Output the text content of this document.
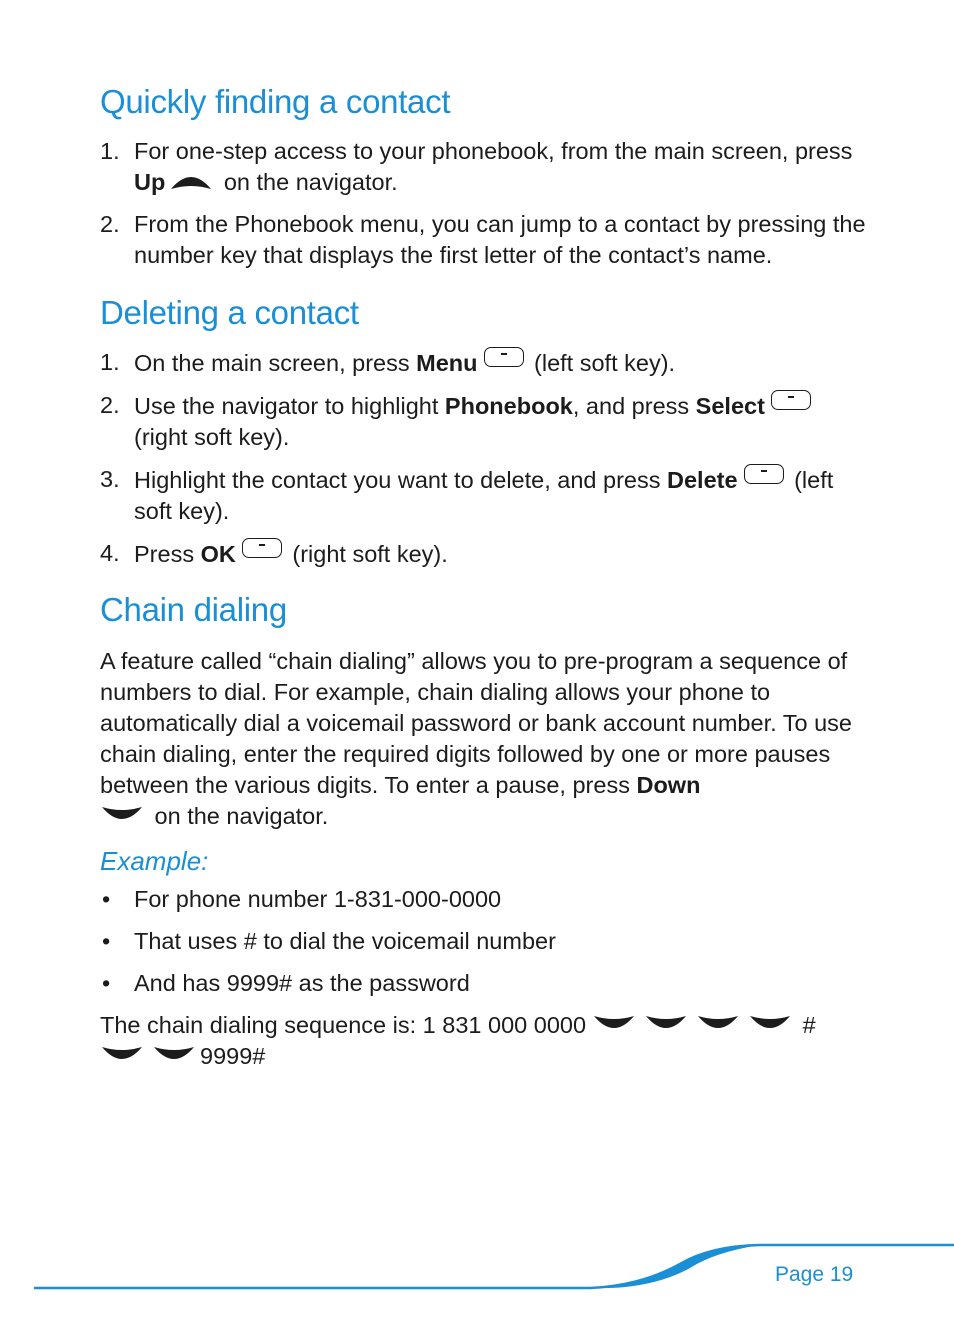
Quickly finding a contact
1. For one-step access to your phonebook, from the main screen, press Up on the navigator.
2. From the Phonebook menu, you can jump to a contact by pressing the number key that displays the first letter of the contact’s name.
Deleting a contact
1. On the main screen, press Menu (left soft key).
2. Use the navigator to highlight Phonebook, and press Select (right soft key).
3. Highlight the contact you want to delete, and press Delete (left soft key).
4. Press OK (right soft key).
Chain dialing

A feature called “chain dialing” allows you to pre-program a sequence of numbers to dial. For example, chain dialing allows your phone to automatically dial a voicemail password or bank account number. To use chain dialing, enter the required digits followed by one or more pauses between the various digits. To enter a pause, press Down
on the navigator.

Example:
• For phone number 1-831-000-0000
• That uses # to dial the voicemail number
• And has 9999# as the password

The chain dialing sequence is: 1 831 000 0000	#
9999#

Page 19
